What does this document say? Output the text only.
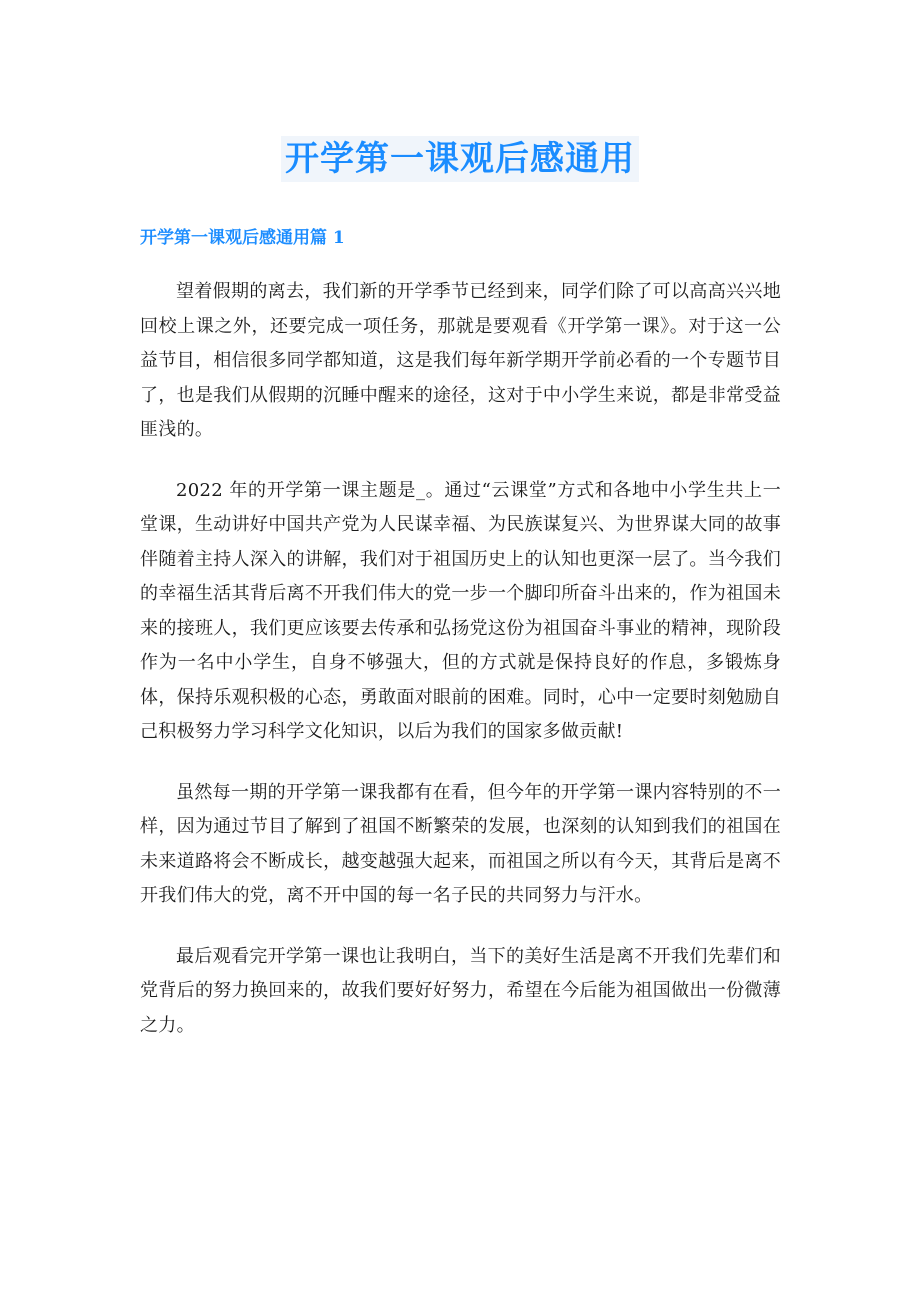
开学第一课观后感通用
开学第一课观后感通用篇 1

望着假期的离去，我们新的开学季节已经到来，同学们除了可以高高兴兴地回校上课之外，还要完成一项任务，那就是要观看《开学第一课》。对于这一公益节目，相信很多同学都知道，这是我们每年新学期开学前必看的一个专题节目了，也是我们从假期的沉睡中醒来的途径，这对于中小学生来说，都是非常受益匪浅的。

2022 年的开学第一课主题是_。通过“云课堂”方式和各地中小学生共上一堂课，生动讲好中国共产党为人民谋幸福、为民族谋复兴、为世界谋大同的故事伴随着主持人深入的讲解，我们对于祖国历史上的认知也更深一层了。当今我们的幸福生活其背后离不开我们伟大的党一步一个脚印所奋斗出来的，作为祖国未来的接班人，我们更应该要去传承和弘扬党这份为祖国奋斗事业的精神，现阶段作为一名中小学生，自身不够强大，但的方式就是保持良好的作息，多锻炼身体，保持乐观积极的心态，勇敢面对眼前的困难。同时，心中一定要时刻勉励自己积极努力学习科学文化知识，以后为我们的国家多做贡献!

虽然每一期的开学第一课我都有在看，但今年的开学第一课内容特别的不一样，因为通过节目了解到了祖国不断繁荣的发展，也深刻的认知到我们的祖国在未来道路将会不断成长，越变越强大起来，而祖国之所以有今天，其背后是离不开我们伟大的党，离不开中国的每一名子民的共同努力与汗水。

最后观看完开学第一课也让我明白，当下的美好生活是离不开我们先辈们和党背后的努力换回来的，故我们要好好努力，希望在今后能为祖国做出一份微薄之力。
